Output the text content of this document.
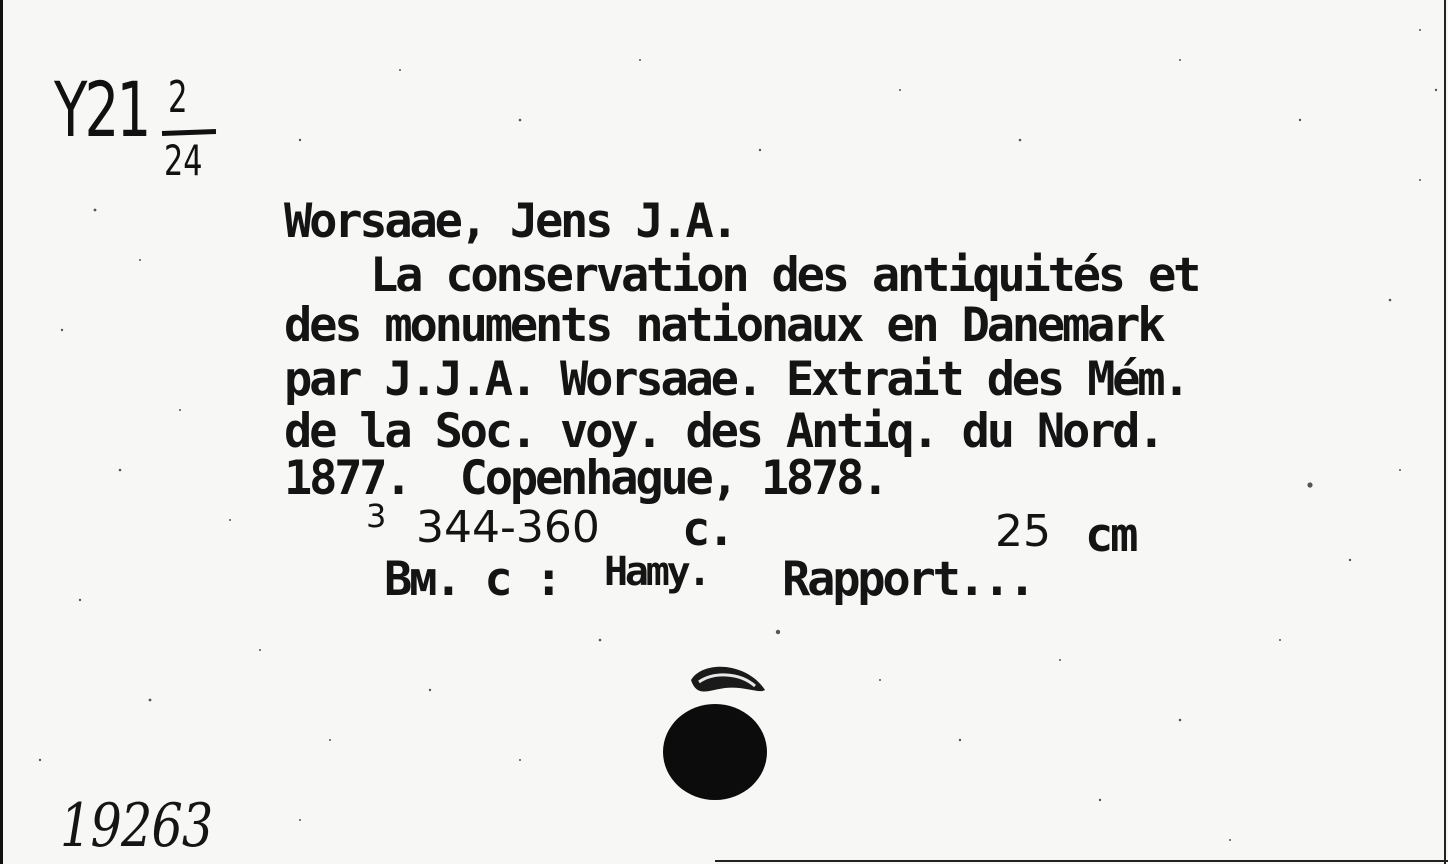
Y21 2
24
Worsaae, Jens J.A.
La conservation des antiquités et
des monuments nationaux en Danemark
par J.J.A. Worsaae. Extrait des Mém.
de la Soc. voy. des Antiq. du Nord.
1877.  Copenhague, 1878.
3 344-360 c.	25 cm
Bм. с : Hamy. Rapport...
19263
